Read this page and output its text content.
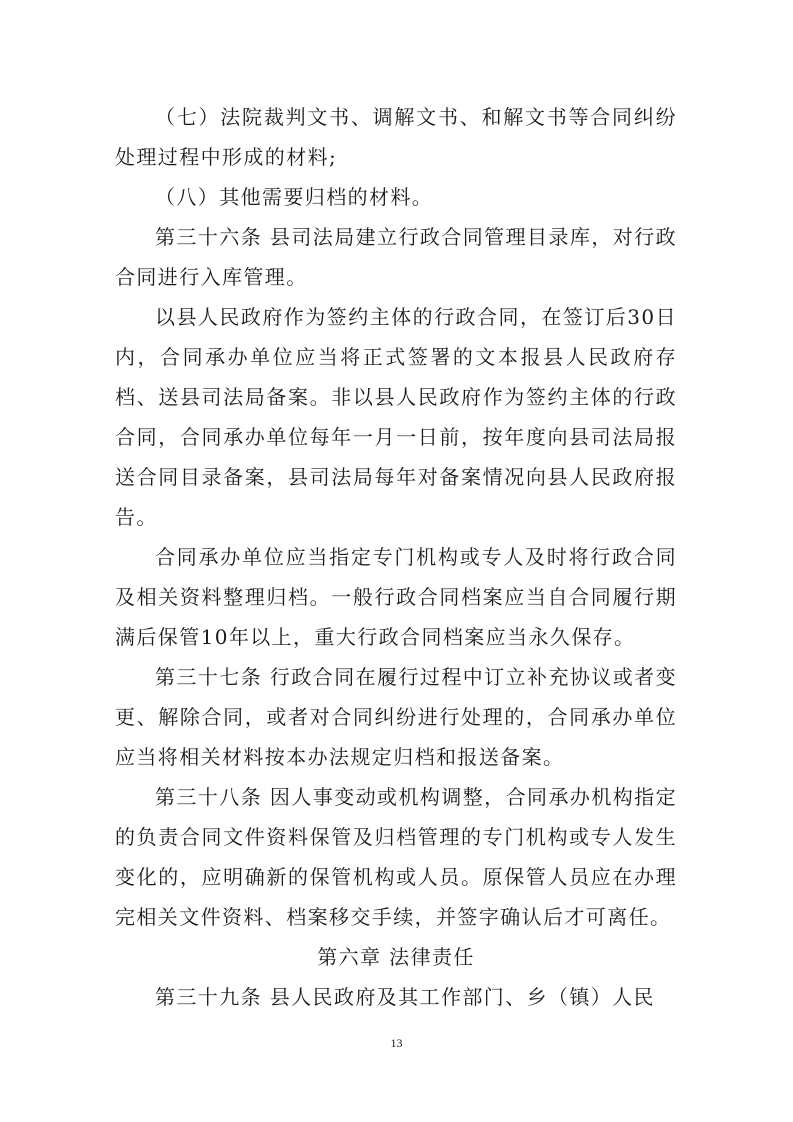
（七）法院裁判文书、调解文书、和解文书等合同纠纷处理过程中形成的材料;

（八）其他需要归档的材料。

第三十六条 县司法局建立行政合同管理目录库，对行政合同进行入库管理。

以县人民政府作为签约主体的行政合同，在签订后30日内，合同承办单位应当将正式签署的文本报县人民政府存档、送县司法局备案。非以县人民政府作为签约主体的行政合同，合同承办单位每年一月一日前，按年度向县司法局报送合同目录备案，县司法局每年对备案情况向县人民政府报告。

合同承办单位应当指定专门机构或专人及时将行政合同及相关资料整理归档。一般行政合同档案应当自合同履行期满后保管10年以上，重大行政合同档案应当永久保存。

第三十七条 行政合同在履行过程中订立补充协议或者变更、解除合同，或者对合同纠纷进行处理的，合同承办单位应当将相关材料按本办法规定归档和报送备案。

第三十八条 因人事变动或机构调整，合同承办机构指定的负责合同文件资料保管及归档管理的专门机构或专人发生变化的，应明确新的保管机构或人员。原保管人员应在办理完相关文件资料、档案移交手续，并签字确认后才可离任。

第六章 法律责任

第三十九条 县人民政府及其工作部门、乡（镇）人民

13
